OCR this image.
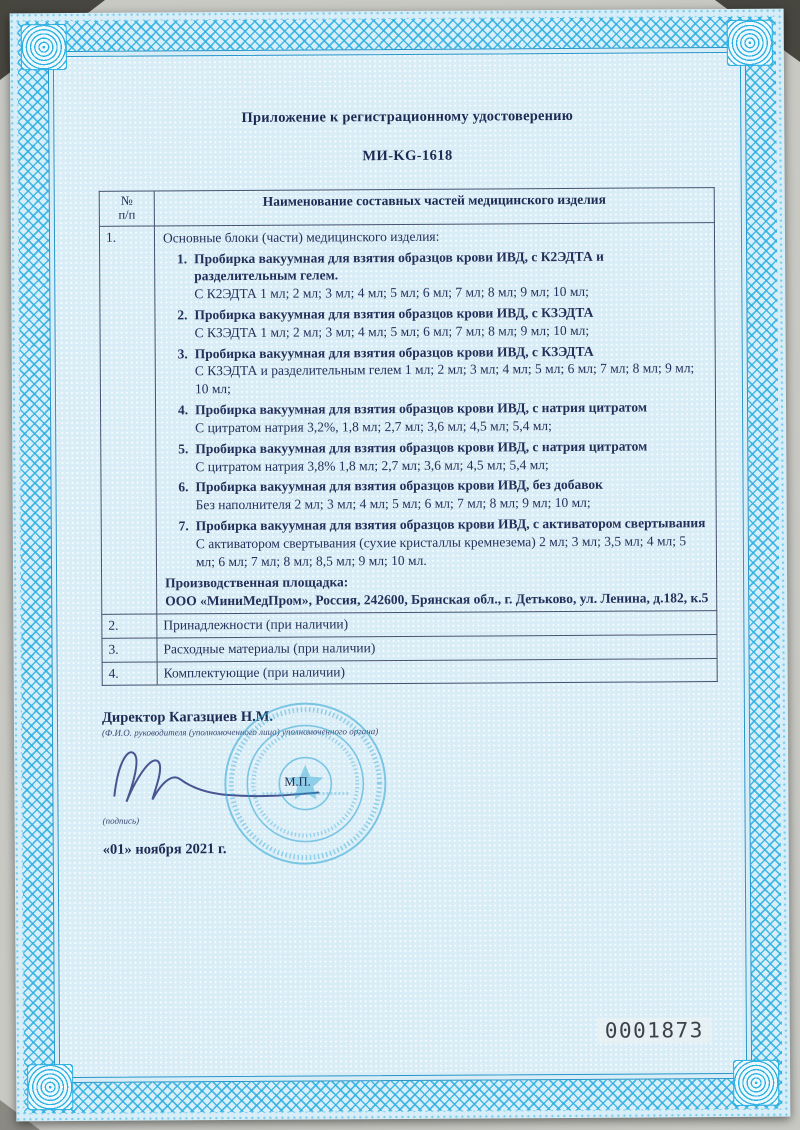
Приложение к регистрационному удостоверению
МИ-KG-1618
№
п/п	Наименование составных частей медицинского изделия
1.	Основные блоки (части) медицинского изделия:
1. Пробирка вакуумная для взятия образцов крови ИВД, с К2ЭДТА и разделительным гелем.
С К2ЭДТА 1 мл; 2 мл; 3 мл; 4 мл; 5 мл; 6 мл; 7 мл; 8 мл; 9 мл; 10 мл;
2. Пробирка вакуумная для взятия образцов крови ИВД, с КЗЭДТА
С КЗЭДТА 1 мл; 2 мл; 3 мл; 4 мл; 5 мл; 6 мл; 7 мл; 8 мл; 9 мл; 10 мл;
3. Пробирка вакуумная для взятия образцов крови ИВД, с КЗЭДТА
С КЗЭДТА и разделительным гелем 1 мл; 2 мл; 3 мл; 4 мл; 5 мл; 6 мл; 7 мл; 8 мл; 9 мл; 10 мл;
4. Пробирка вакуумная для взятия образцов крови ИВД, с натрия цитратом
С цитратом натрия 3,2%, 1,8 мл; 2,7 мл; 3,6 мл; 4,5 мл; 5,4 мл;
5. Пробирка вакуумная для взятия образцов крови ИВД, с натрия цитратом
С цитратом натрия 3,8% 1,8 мл; 2,7 мл; 3,6 мл; 4,5 мл; 5,4 мл;
6. Пробирка вакуумная для взятия образцов крови ИВД, без добавок
Без наполнителя 2 мл; 3 мл; 4 мл; 5 мл; 6 мл; 7 мл; 8 мл; 9 мл; 10 мл;
7. Пробирка вакуумная для взятия образцов крови ИВД, с активатором свертывания
С активатором свертывания (сухие кристаллы кремнезема) 2 мл; 3 мл; 3,5 мл; 4 мл; 5 мл; 6 мл; 7 мл; 8 мл; 8,5 мл; 9 мл; 10 мл.
Производственная площадка:
ООО «МиниМедПром», Россия, 242600, Брянская обл., г. Детьково, ул. Ленина, д.182, к.5

2.	Принадлежности (при наличии)
3.	Расходные материалы (при наличии)
4.	Комплектующие (при наличии)
Директор Кагазциев Н.М.
(Ф.И.О. руководителя (уполномоченного лица) уполномоченного органа)
М.П.
(подпись)
«01» ноября 2021 г.
0001873
